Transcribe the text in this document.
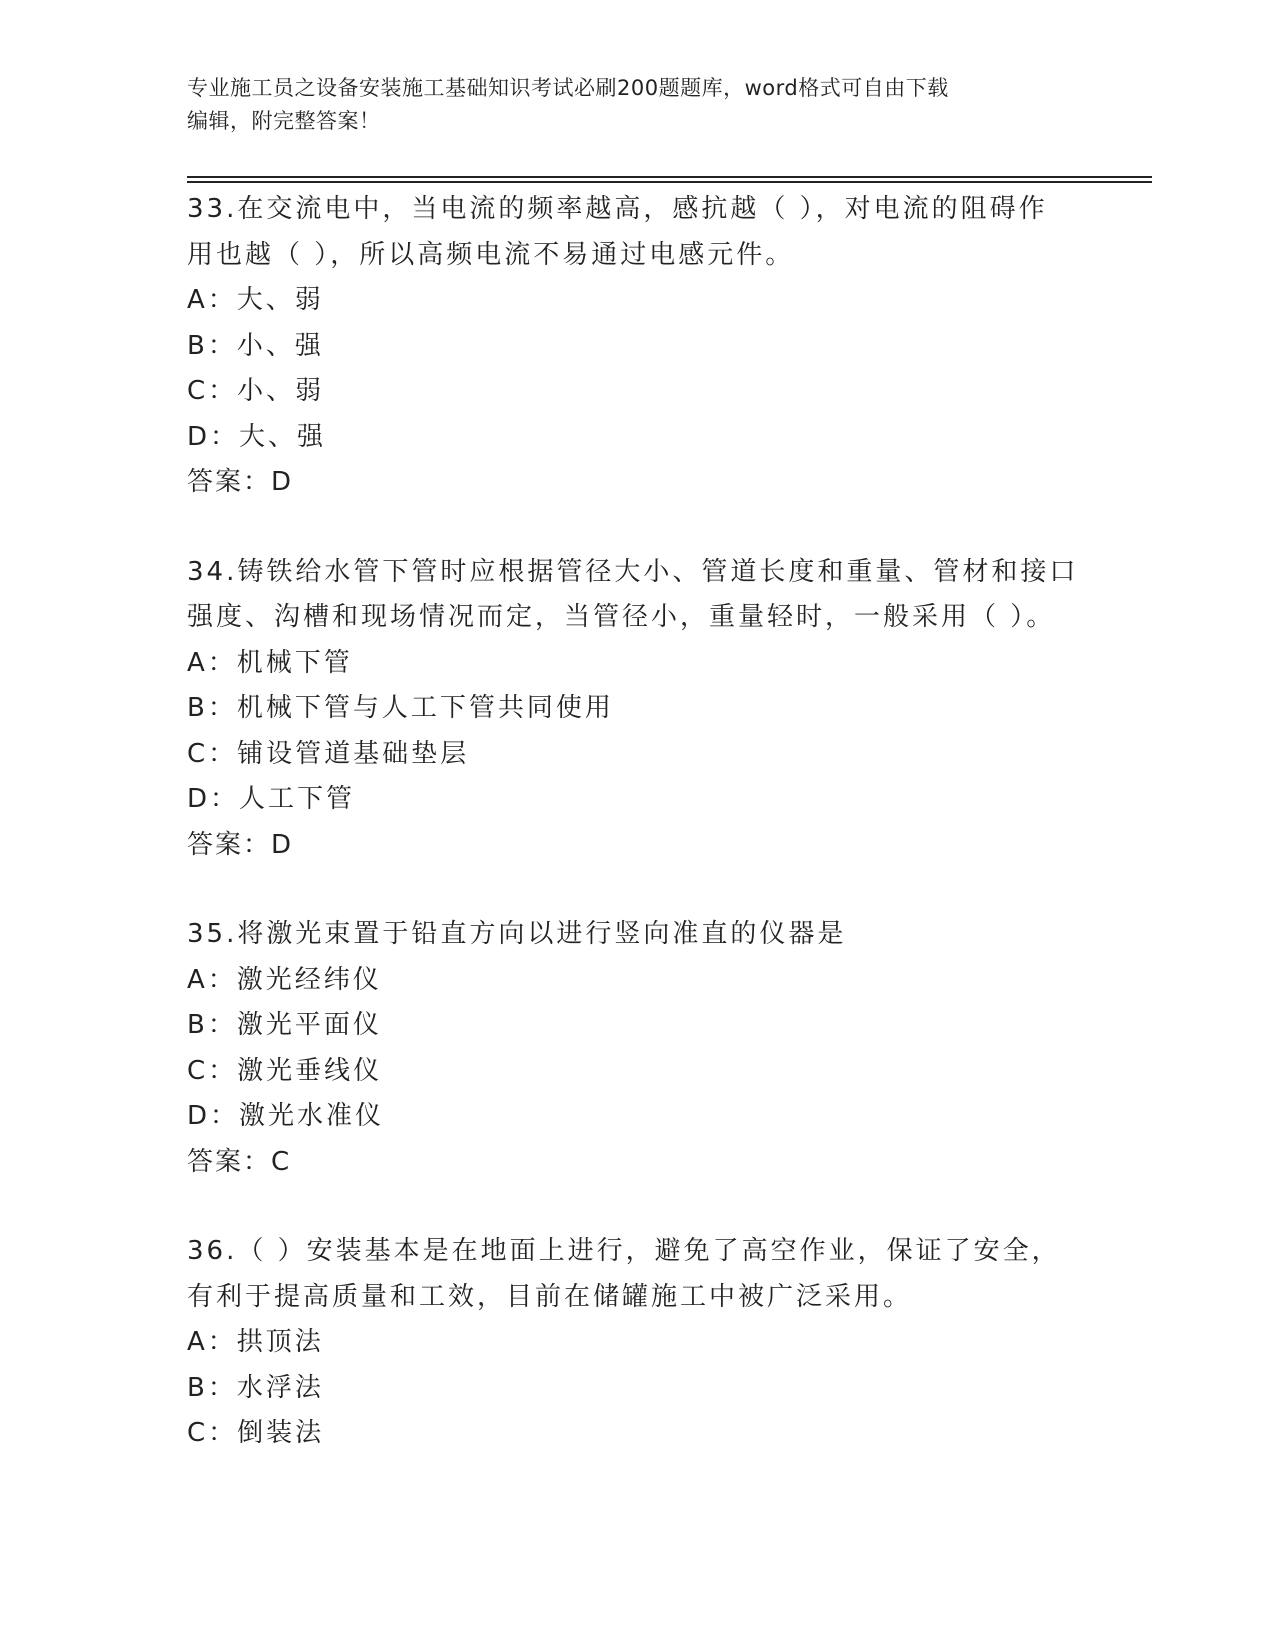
专业施工员之设备安装施工基础知识考试必刷200题题库，word格式可自由下载
编辑，附完整答案！
33.在交流电中，当电流的频率越高，感抗越（ ），对电流的阻碍作
用也越（ ），所以高频电流不易通过电感元件。
A：大、弱
B：小、强
C：小、弱
D：大、强
答案：D
34.铸铁给水管下管时应根据管径大小、管道长度和重量、管材和接口
强度、沟槽和现场情况而定，当管径小，重量轻时，一般采用（ ）。
A：机械下管
B：机械下管与人工下管共同使用
C：铺设管道基础垫层
D：人工下管
答案：D
35.将激光束置于铅直方向以进行竖向准直的仪器是
A：激光经纬仪
B：激光平面仪
C：激光垂线仪
D：激光水准仪
答案：C
36.（ ）安装基本是在地面上进行，避免了高空作业，保证了安全，
有利于提高质量和工效，目前在储罐施工中被广泛采用。
A：拱顶法
B：水浮法
C：倒装法
